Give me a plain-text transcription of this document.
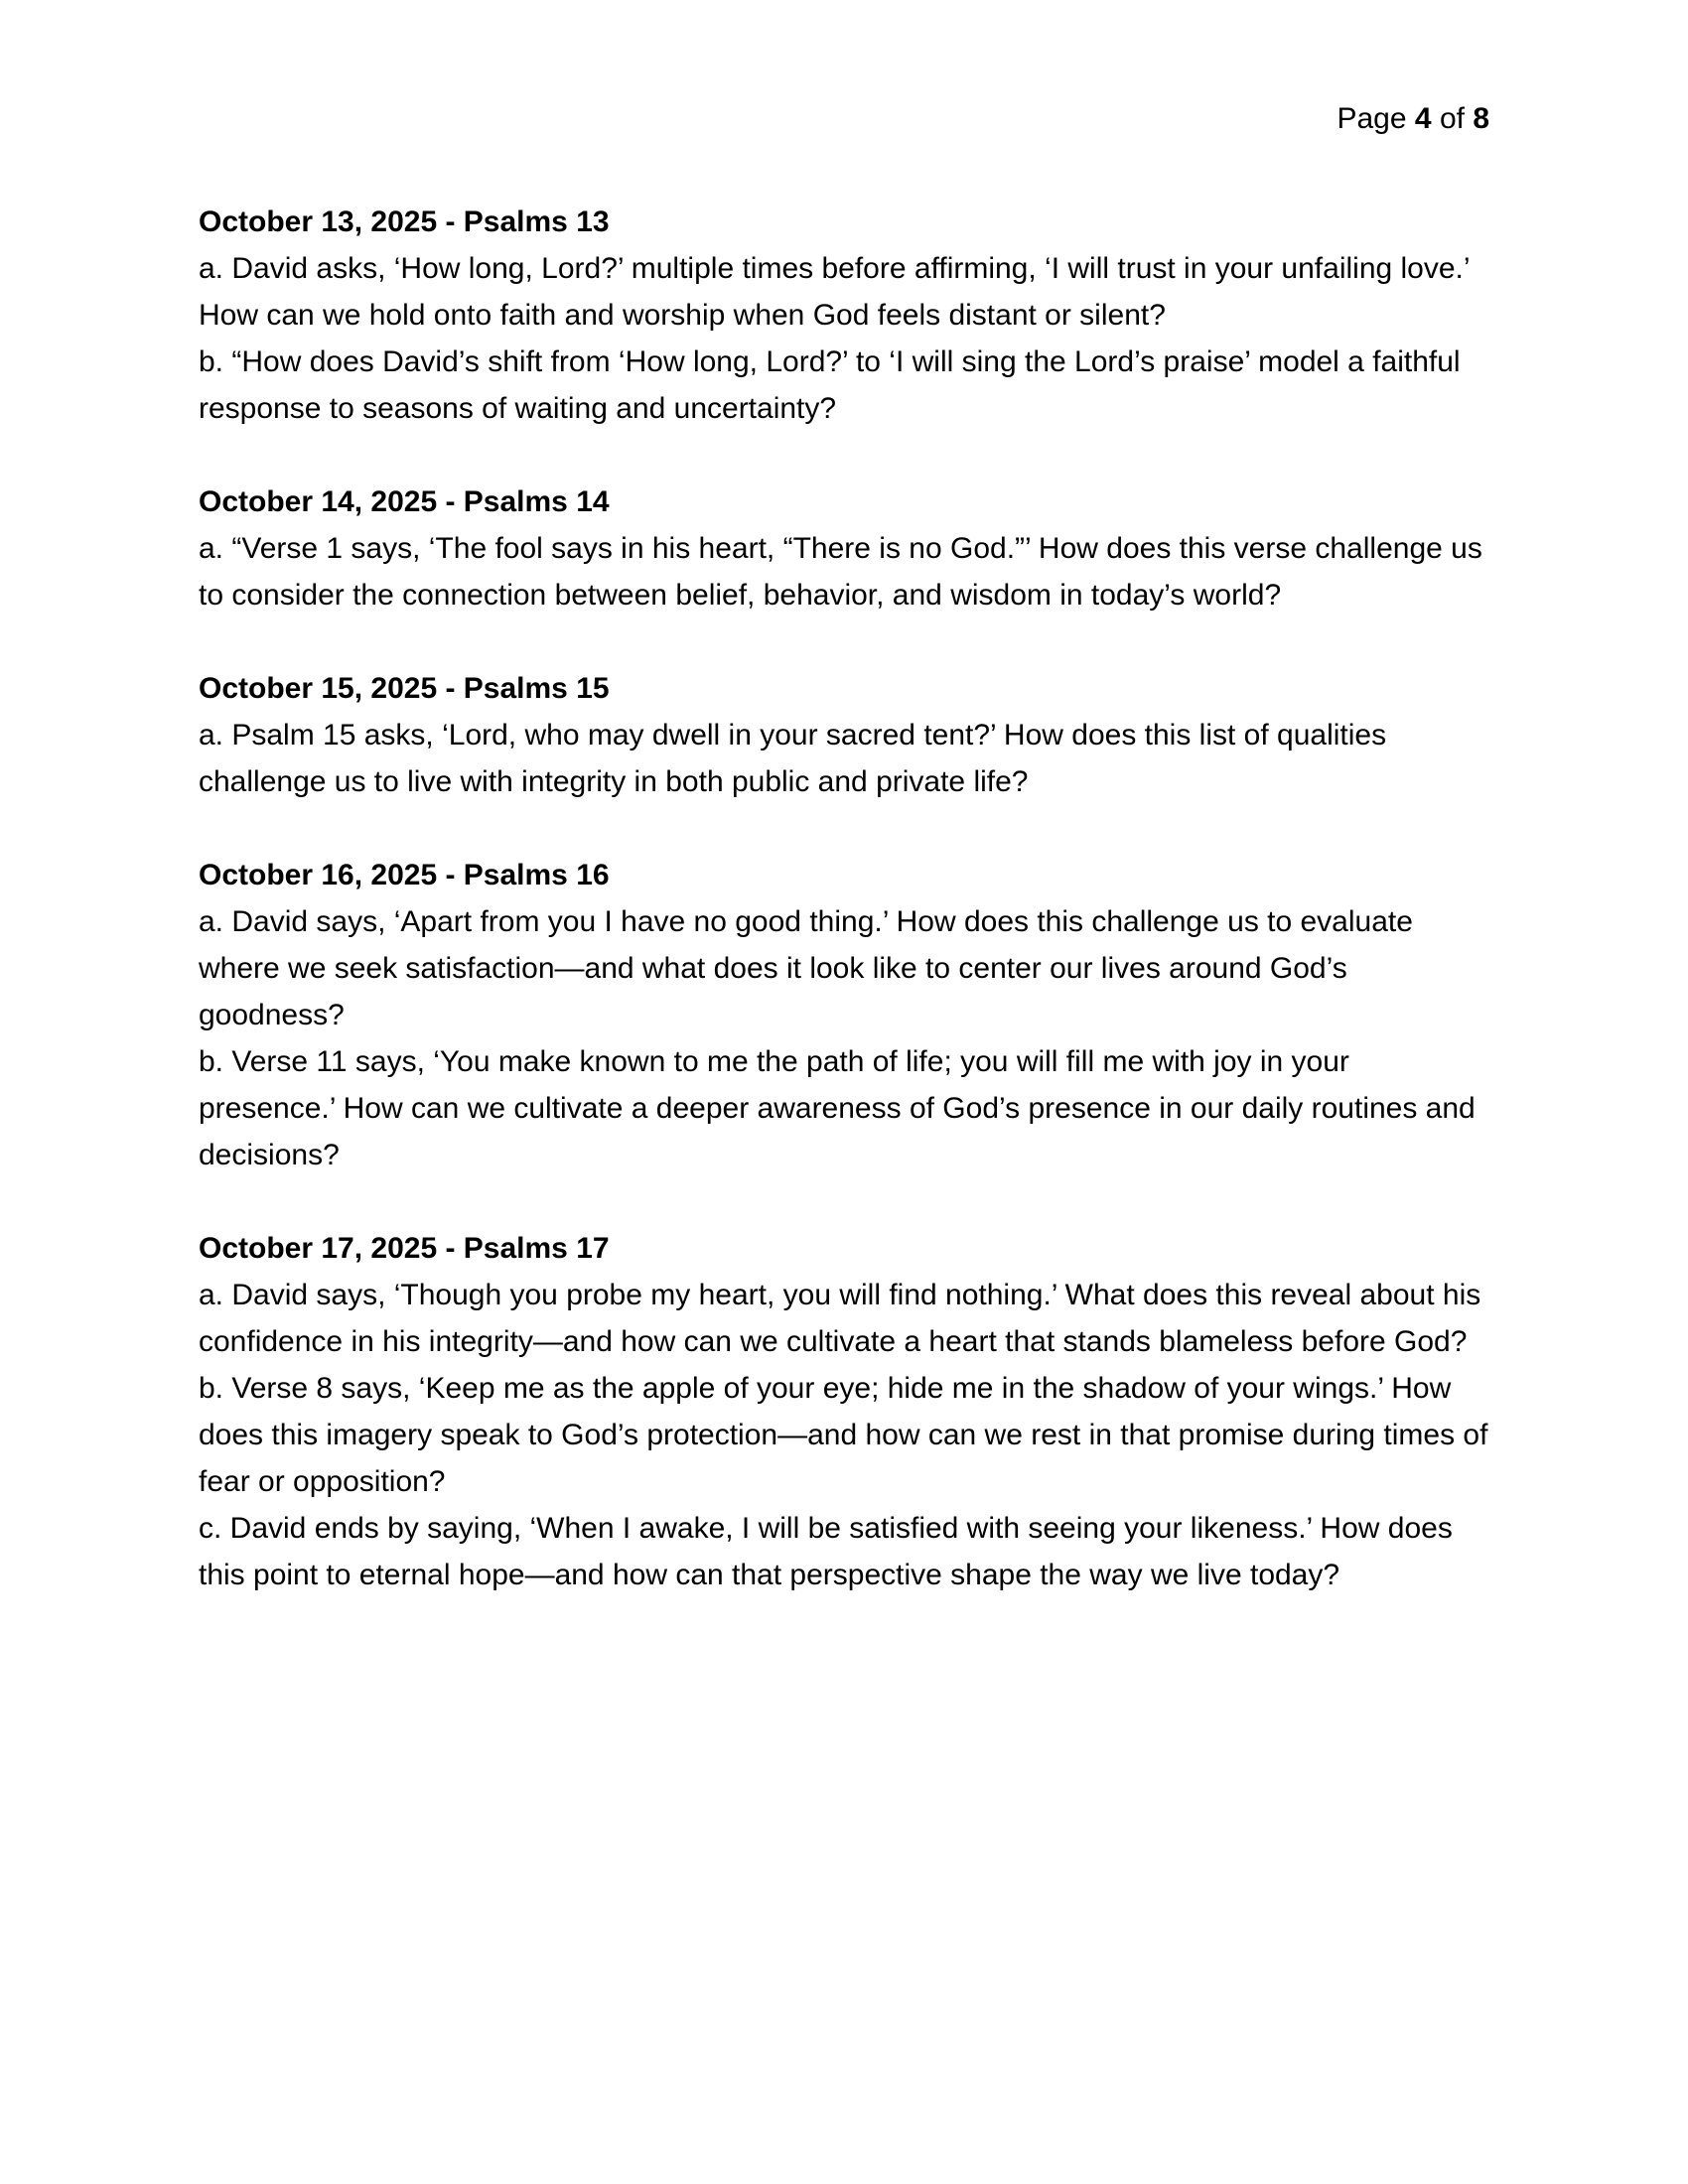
Page 4 of 8

October 13, 2025 - Psalms 13

a. David asks, ‘How long, Lord?’ multiple times before affirming, ‘I will trust in your unfailing love.’ How can we hold onto faith and worship when God feels distant or silent?

b. “How does David’s shift from ‘How long, Lord?’ to ‘I will sing the Lord’s praise’ model a faithful response to seasons of waiting and uncertainty?

October 14, 2025 - Psalms 14

a. “Verse 1 says, ‘The fool says in his heart, “There is no God.”’ How does this verse challenge us to consider the connection between belief, behavior, and wisdom in today’s world?

October 15, 2025 - Psalms 15

a. Psalm 15 asks, ‘Lord, who may dwell in your sacred tent?’ How does this list of qualities challenge us to live with integrity in both public and private life?

October 16, 2025 - Psalms 16

a. David says, ‘Apart from you I have no good thing.’ How does this challenge us to evaluate where we seek satisfaction—and what does it look like to center our lives around God’s goodness?

b. Verse 11 says, ‘You make known to me the path of life; you will fill me with joy in your presence.’ How can we cultivate a deeper awareness of God’s presence in our daily routines and decisions?

October 17, 2025 - Psalms 17

a. David says, ‘Though you probe my heart, you will find nothing.’ What does this reveal about his confidence in his integrity—and how can we cultivate a heart that stands blameless before God?

b. Verse 8 says, ‘Keep me as the apple of your eye; hide me in the shadow of your wings.’ How does this imagery speak to God’s protection—and how can we rest in that promise during times of fear or opposition?

c. David ends by saying, ‘When I awake, I will be satisfied with seeing your likeness.’ How does this point to eternal hope—and how can that perspective shape the way we live today?
